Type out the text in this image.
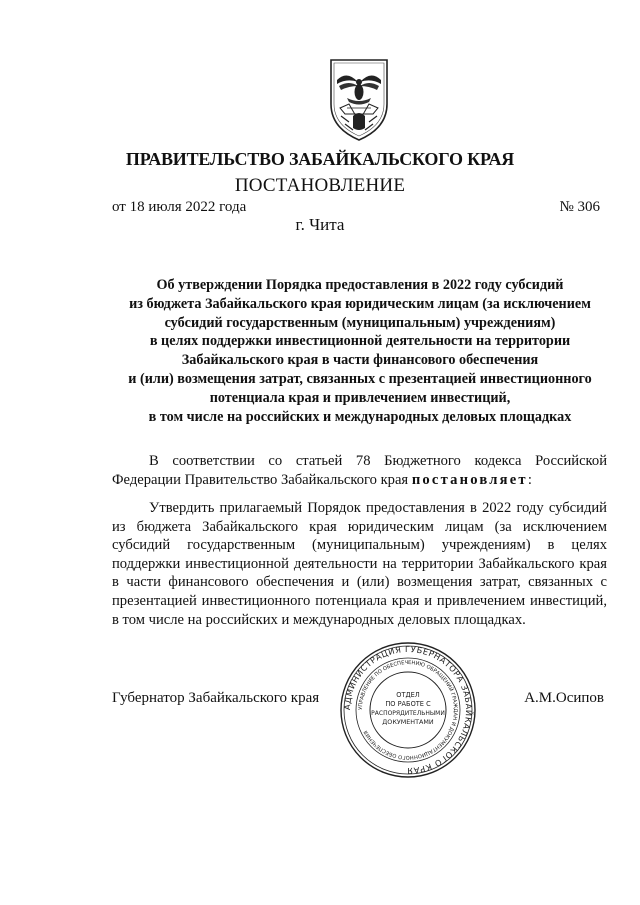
ПРАВИТЕЛЬСТВО ЗАБАЙКАЛЬСКОГО КРАЯ
ПОСТАНОВЛЕНИЕ
от 18 июля 2022 года	№ 306
г. Чита
Об утверждении Порядка предоставления в 2022 году субсидий
из бюджета Забайкальского края юридическим лицам (за исключением
субсидий государственным (муниципальным) учреждениям)
в целях поддержки инвестиционной деятельности на территории
Забайкальского края в части финансового обеспечения
и (или) возмещения затрат, связанных с презентацией инвестиционного
потенциала края и привлечением инвестиций,
в том числе на российских и международных деловых площадках
В соответствии со статьей 78 Бюджетного кодекса Российской Федерации Правительство Забайкальского края постановляет:
Утвердить прилагаемый Порядок предоставления в 2022 году субсидий из бюджета Забайкальского края юридическим лицам (за исключением субсидий государственным (муниципальным) учреждениям) в целях поддержки инвестиционной деятельности на территории Забайкальского края в части финансового обеспечения и (или) возмещения затрат, связанных с презентацией инвестиционного потенциала края и привлечением инвестиций, в том числе на российских и международных деловых площадках.
Губернатор Забайкальского края	А.М.Осипов
АДМИНИСТРАЦИЯ ГУБЕРНАТОРА ЗАБАЙКАЛЬСКОГО КРАЯ
УПРАВЛЕНИЕ ПО ОБЕСПЕЧЕНИЮ ОБРАЩЕНИЙ ГРАЖДАН И ДОКУМЕНТАЦИОННОГО ОБЕСПЕЧЕНИЯ
ОТДЕЛ
ПО РАБОТЕ С
РАСПОРЯДИТЕЛЬНЫМИ
ДОКУМЕНТАМИ
